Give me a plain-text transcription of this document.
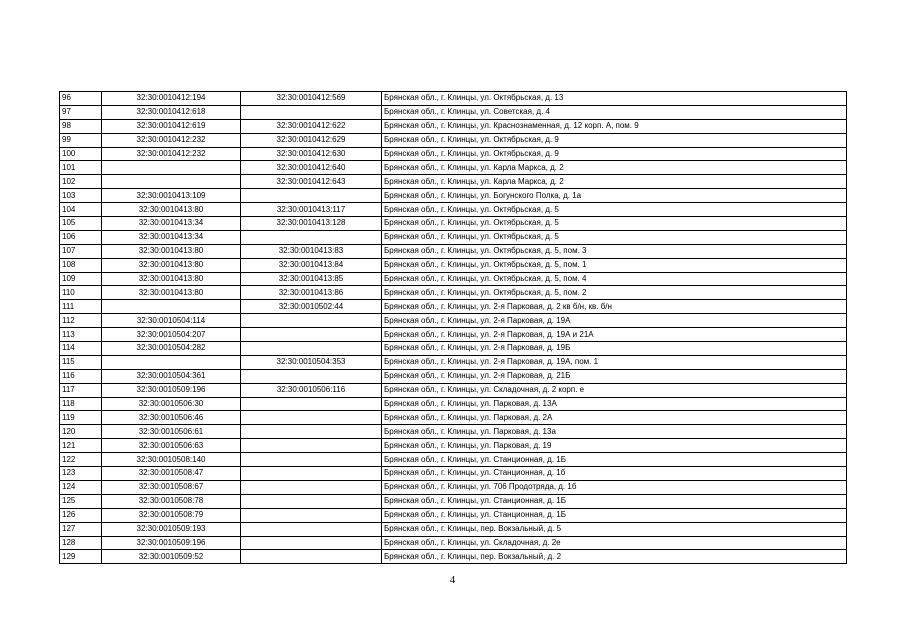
96	32:30:0010412:194	32:30:0010412:569	Брянская обл., г. Клинцы, ул. Октябрьская, д. 13
97	32:30:0010412:618		Брянская обл., г. Клинцы, ул. Советская, д. 4
98	32:30:0010412:619	32:30:0010412:622	Брянская обл., г. Клинцы, ул. Краснознаменная, д. 12 корп. А, пом. 9
99	32:30:0010412:232	32:30:0010412:629	Брянская обл., г. Клинцы, ул. Октябрьская, д. 9
100	32:30:0010412:232	32:30:0010412:630	Брянская обл., г. Клинцы, ул. Октябрьская, д. 9
101		32:30:0010412:640	Брянская обл., г. Клинцы, ул. Карла Маркса, д. 2
102		32:30:0010412:643	Брянская обл., г. Клинцы, ул. Карла Маркса, д. 2
103	32:30:0010413:109		Брянская обл., г. Клинцы, ул. Богунского Полка, д. 1а
104	32:30:0010413:80	32:30:0010413:117	Брянская обл., г. Клинцы, ул. Октябрьская, д. 5
105	32:30:0010413:34	32:30:0010413:128	Брянская обл., г. Клинцы, ул. Октябрьская, д. 5
106	32:30:0010413:34		Брянская обл., г. Клинцы, ул. Октябрьская, д. 5
107	32:30:0010413:80	32:30:0010413:83	Брянская обл., г. Клинцы, ул. Октябрьская, д. 5, пом. 3
108	32:30:0010413:80	32:30:0010413:84	Брянская обл., г. Клинцы, ул. Октябрьская, д. 5, пом. 1
109	32:30:0010413:80	32:30:0010413:85	Брянская обл., г. Клинцы, ул. Октябрьская, д. 5, пом. 4
110	32:30:0010413:80	32:30:0010413:86	Брянская обл., г. Клинцы, ул. Октябрьская, д. 5, пом. 2
111		32:30:0010502:44	Брянская обл., г. Клинцы, ул. 2-я Парковая, д. 2 кв б/н, кв. б/н
112	32:30:0010504:114		Брянская обл., г. Клинцы, ул. 2-я Парковая, д. 19А
113	32:30:0010504:207		Брянская обл., г. Клинцы, ул. 2-я Парковая, д. 19А и 21А
114	32:30:0010504:282		Брянская обл., г. Клинцы, ул. 2-я Парковая, д. 19Б
115		32:30:0010504:353	Брянская обл., г. Клинцы, ул. 2-я Парковая, д. 19А, пом. 1
116	32:30:0010504:361		Брянская обл., г. Клинцы, ул. 2-я Парковая, д. 21Б
117	32:30:0010509:196	32:30:0010506:116	Брянская обл., г. Клинцы, ул. Складочная, д. 2 корп. е
118	32:30:0010506:30		Брянская обл., г. Клинцы, ул. Парковая, д. 13А
119	32:30:0010506:46		Брянская обл., г. Клинцы, ул. Парковая, д. 2А
120	32:30:0010506:61		Брянская обл., г. Клинцы, ул. Парковая, д. 13а
121	32:30:0010506:63		Брянская обл., г. Клинцы, ул. Парковая, д. 19
122	32:30:0010508:140		Брянская обл., г. Клинцы, ул. Станционная, д. 1Б
123	32:30:0010508:47		Брянская обл., г. Клинцы, ул. Станционная, д. 1б
124	32:30:0010508:67		Брянская обл., г. Клинцы, ул. 706 Продотряда, д. 1б
125	32:30:0010508:78		Брянская обл., г. Клинцы, ул. Станционная, д. 1Б
126	32:30:0010508:79		Брянская обл., г. Клинцы, ул. Станционная, д. 1Б
127	32:30:0010509:193		Брянская обл., г. Клинцы, пер. Вокзальный, д. 5
128	32:30:0010509:196		Брянская обл., г. Клинцы, ул. Складочная, д. 2е
129	32:30:0010509:52		Брянская обл., г. Клинцы, пер. Вокзальный, д. 2
4
